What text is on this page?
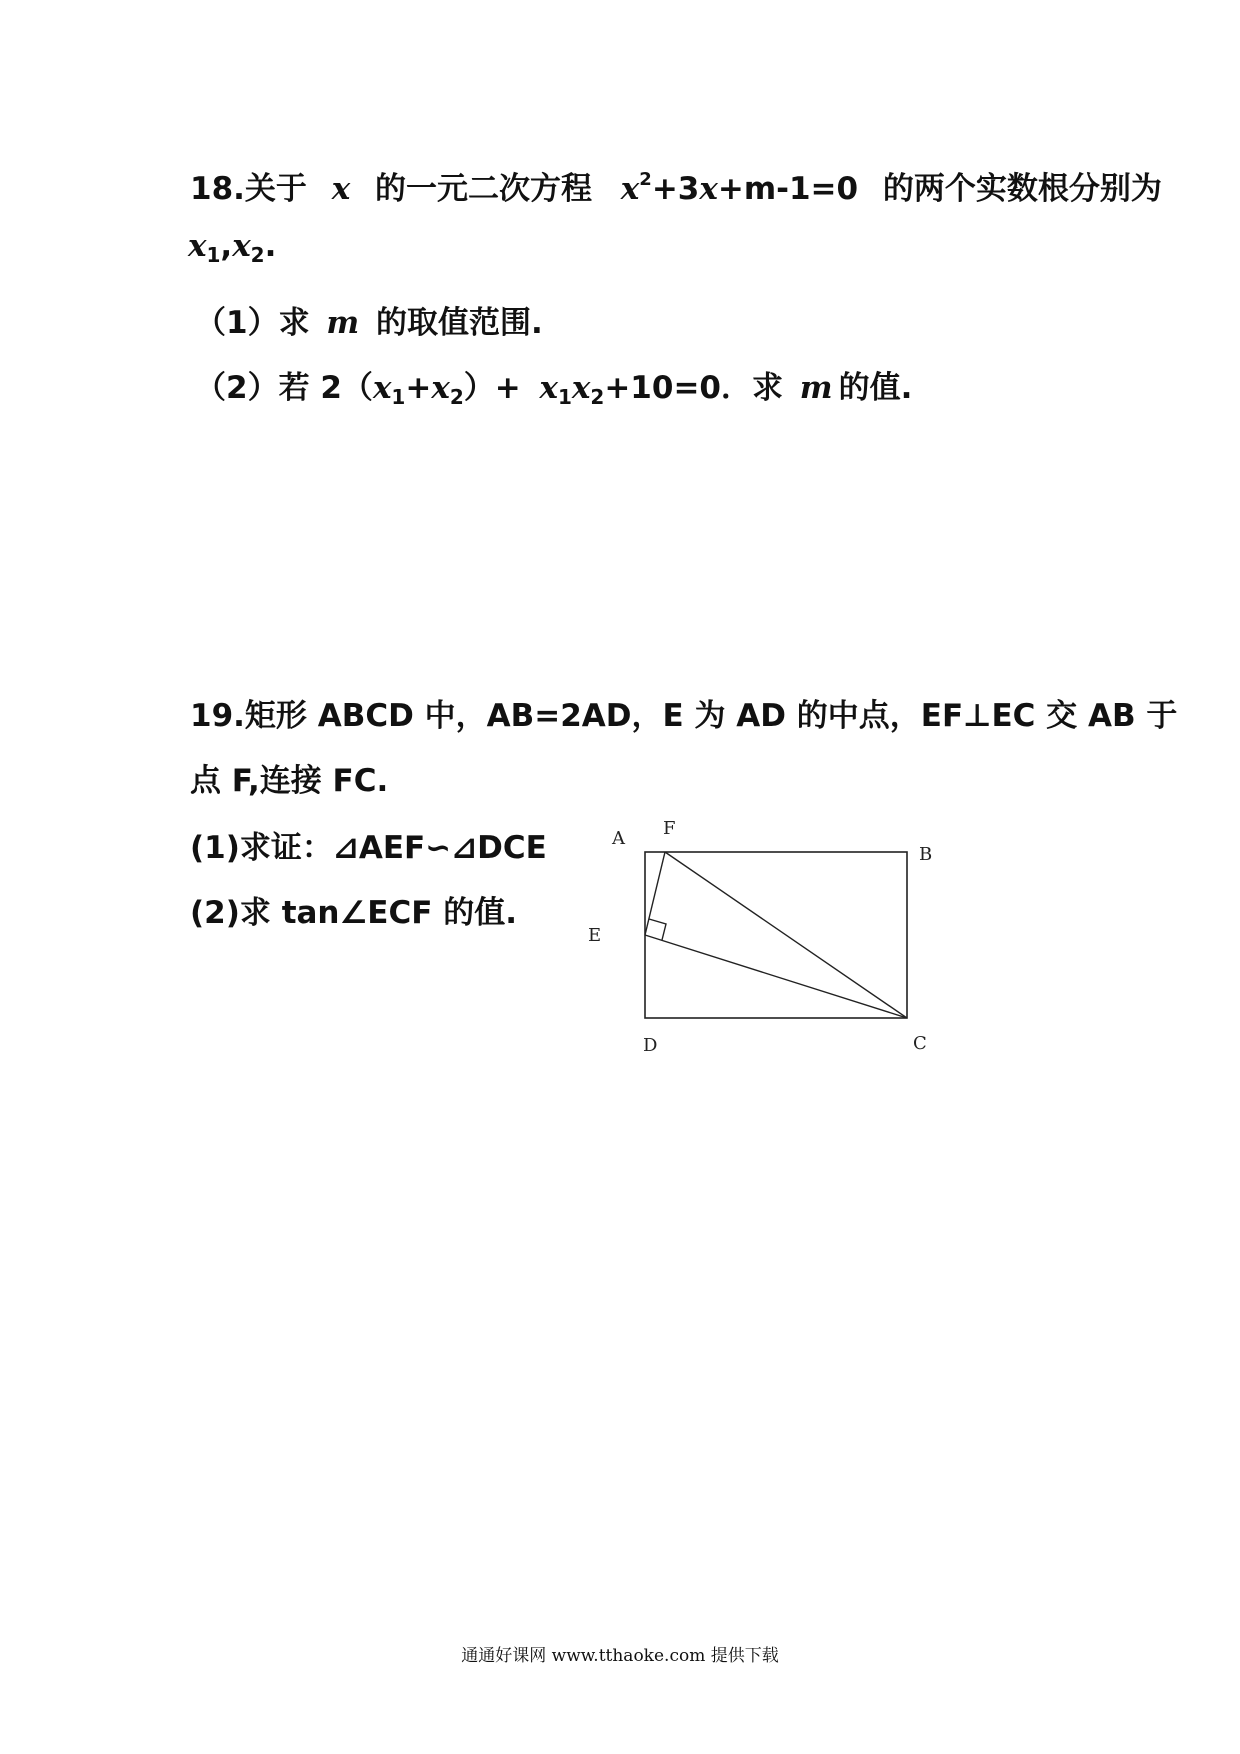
18.关于 x 的一元二次方程 x2+3x+m-1=0 的两个实数根分别为
x1,x2.
（1）求 m 的取值范围.
（2）若 2（x1+x2）+ x1x2+10=0．求 m 的值.
19.矩形 ABCD 中，AB=2AD，E 为 AD 的中点，EF⊥EC 交 AB 于
点 F,连接 FC.
(1)求证：⊿AEF∽⊿DCE
(2)求 tan∠ECF 的值.
A F
B
E
D	C
通通好课网 www.tthaoke.com 提供下载
